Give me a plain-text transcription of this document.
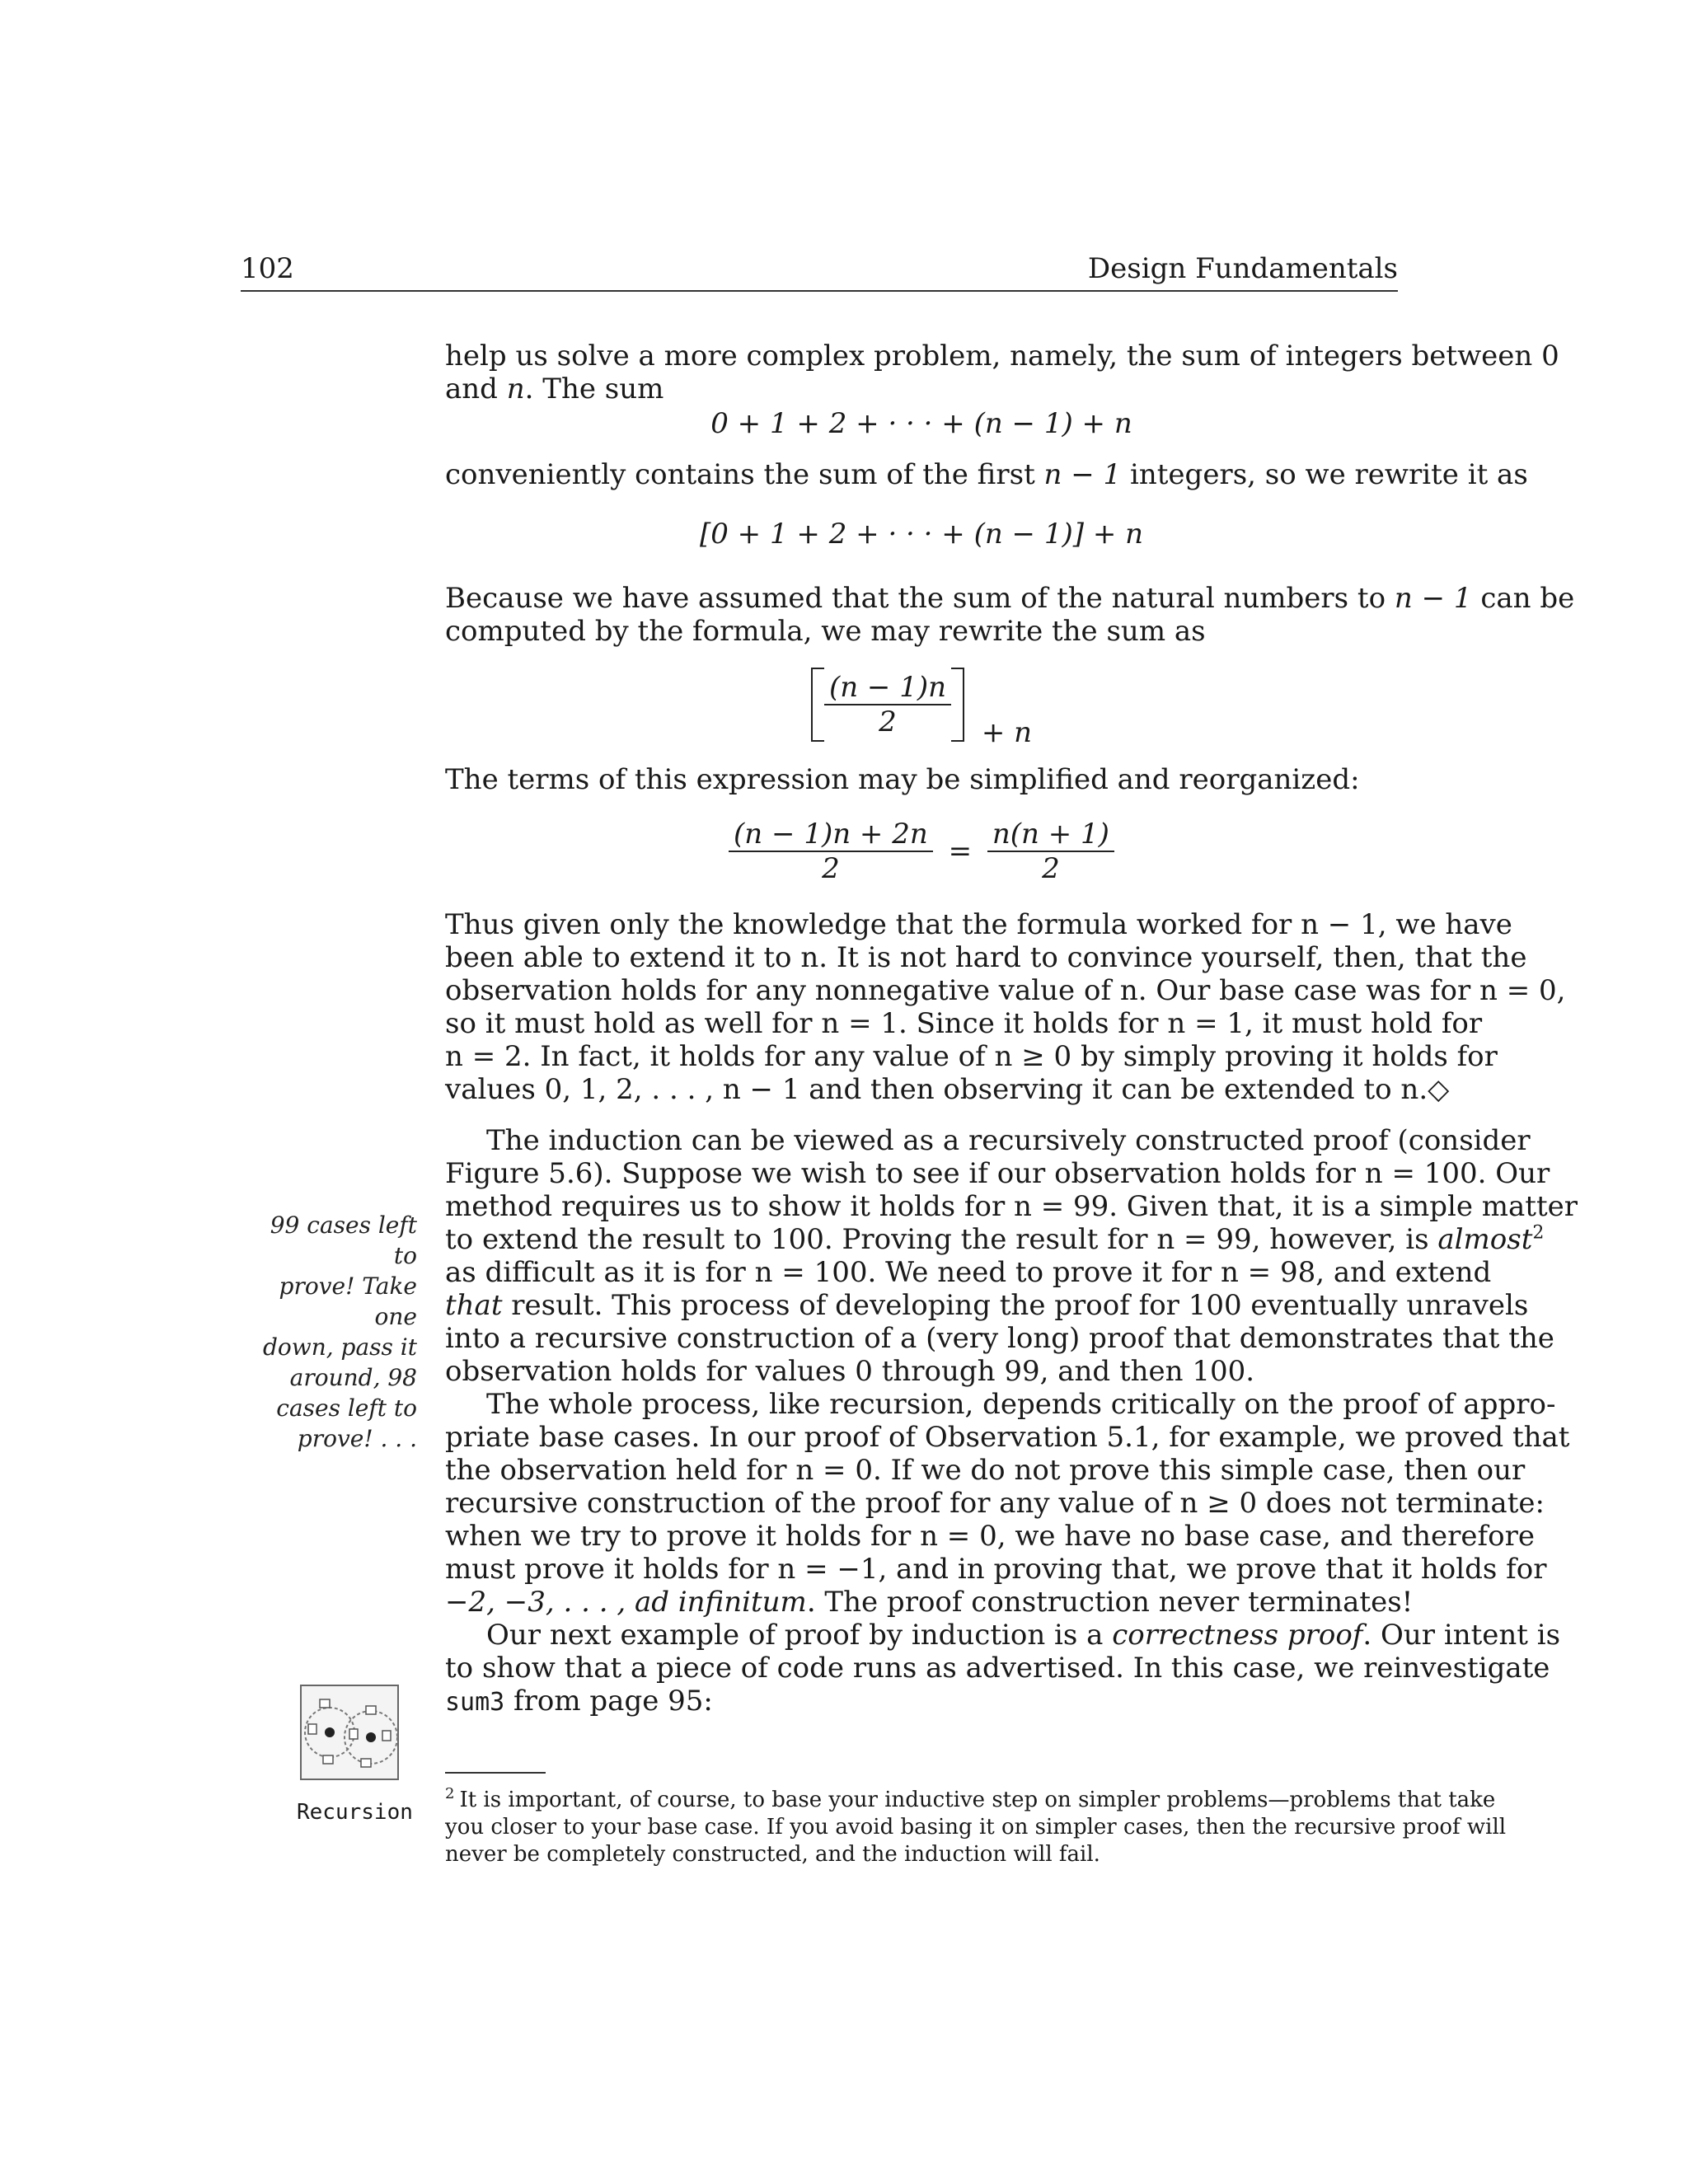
102	Design Fundamentals
help us solve a more complex problem, namely, the sum of integers between 0
and n. The sum
0 + 1 + 2 + · · · + (n − 1) + n
conveniently contains the sum of the first n − 1 integers, so we rewrite it as
[0 + 1 + 2 + · · · + (n − 1)] + n
Because we have assumed that the sum of the natural numbers to n − 1 can be
computed by the formula, we may rewrite the sum as
$\frac{(n - 1)n}{2} + n$
The terms of this expression may be simplified and reorganized:
$\frac{(n - 1)n + 2n}{2} = \frac{n(n + 1)}{2}$
Thus given only the knowledge that the formula worked for n − 1, we have
been able to extend it to n. It is not hard to convince yourself, then, that the
observation holds for any nonnegative value of n. Our base case was for n = 0,
so it must hold as well for n = 1. Since it holds for n = 1, it must hold for
n = 2. In fact, it holds for any value of n ≥ 0 by simply proving it holds for
values 0, 1, 2, . . . , n − 1 and then observing it can be extended to n.◇
The induction can be viewed as a recursively constructed proof (consider
Figure 5.6). Suppose we wish to see if our observation holds for n = 100. Our
method requires us to show it holds for n = 99. Given that, it is a simple matter
to extend the result to 100. Proving the result for n = 99, however, is almost$^2$
as difficult as it is for n = 100. We need to prove it for n = 98, and extend
that result. This process of developing the proof for 100 eventually unravels
into a recursive construction of a (very long) proof that demonstrates that the
observation holds for values 0 through 99, and then 100.
The whole process, like recursion, depends critically on the proof of appro-
priate base cases. In our proof of Observation 5.1, for example, we proved that
the observation held for n = 0. If we do not prove this simple case, then our
recursive construction of the proof for any value of n ≥ 0 does not terminate:
when we try to prove it holds for n = 0, we have no base case, and therefore
must prove it holds for n = −1, and in proving that, we prove that it holds for
−2, −3, . . . , ad infinitum. The proof construction never terminates!
Our next example of proof by induction is a correctness proof. Our intent is
to show that a piece of code runs as advertised. In this case, we reinvestigate
sum3 from page 95:
99 cases left to
prove! Take one
down, pass it
around, 98
cases left to
prove! . . .
Recursion
$^2$ It is important, of course, to base your inductive step on simpler problems—problems that take
you closer to your base case. If you avoid basing it on simpler cases, then the recursive proof will
never be completely constructed, and the induction will fail.
